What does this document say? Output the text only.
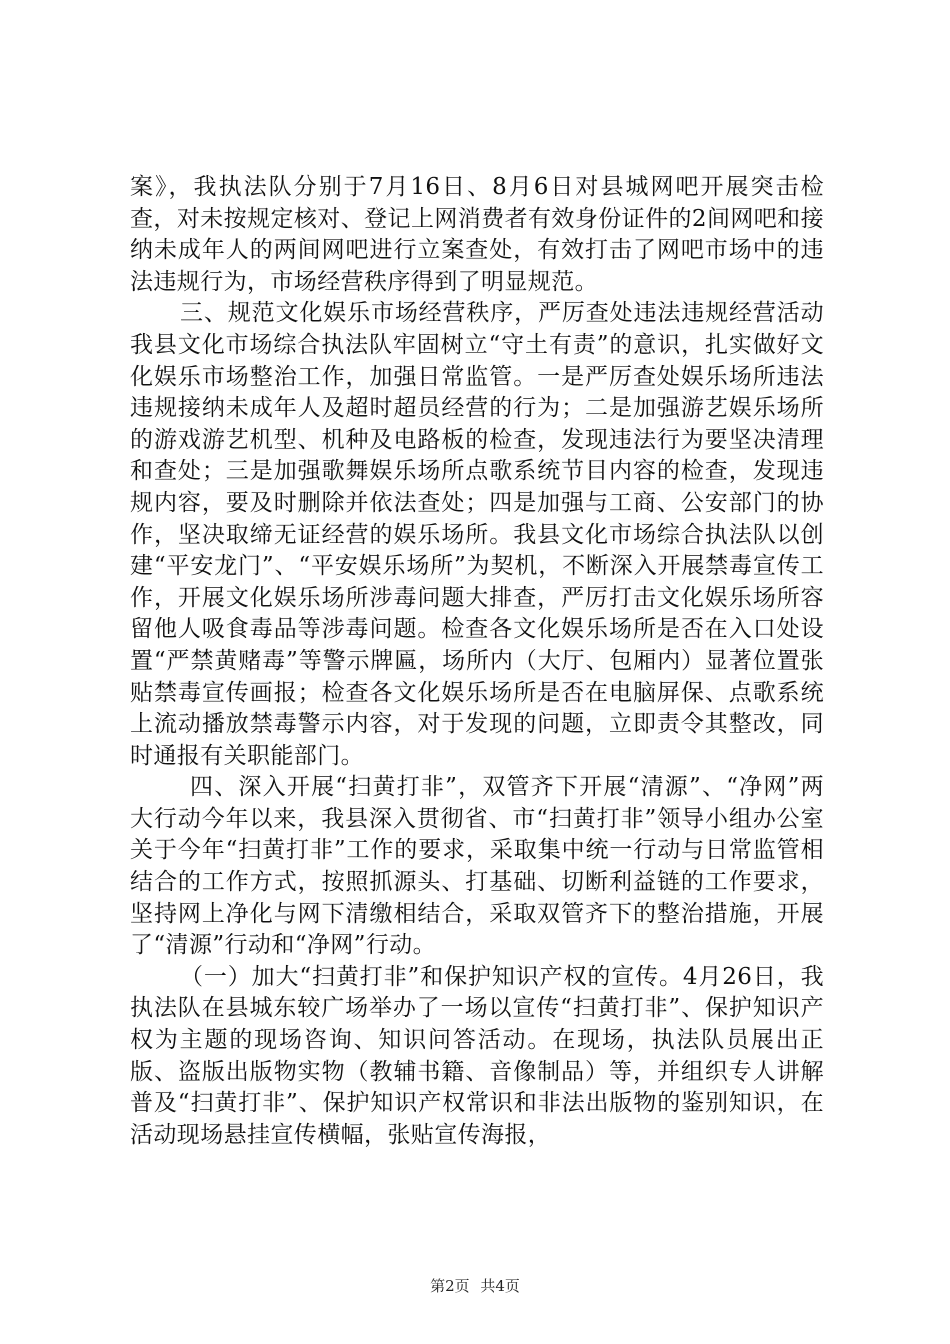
案》，我执法队分别于7月16日、8月6日对县城网吧开展突击检查，对未按规定核对、登记上网消费者有效身份证件的2间网吧和接纳未成年人的两间网吧进行立案查处，有效打击了网吧市场中的违法违规行为，市场经营秩序得到了明显规范。

三、规范文化娱乐市场经营秩序，严厉查处违法违规经营活动我县文化市场综合执法队牢固树立“守土有责”的意识，扎实做好文化娱乐市场整治工作，加强日常监管。一是严厉查处娱乐场所违法违规接纳未成年人及超时超员经营的行为；二是加强游艺娱乐场所的游戏游艺机型、机种及电路板的检查，发现违法行为要坚决清理和查处；三是加强歌舞娱乐场所点歌系统节目内容的检查，发现违规内容，要及时删除并依法查处；四是加强与工商、公安部门的协作，坚决取缔无证经营的娱乐场所。我县文化市场综合执法队以创建“平安龙门”、“平安娱乐场所”为契机，不断深入开展禁毒宣传工作，开展文化娱乐场所涉毒问题大排查，严厉打击文化娱乐场所容留他人吸食毒品等涉毒问题。检查各文化娱乐场所是否在入口处设置“严禁黄赌毒”等警示牌匾，场所内（大厅、包厢内）显著位置张贴禁毒宣传画报；检查各文化娱乐场所是否在电脑屏保、点歌系统上流动播放禁毒警示内容，对于发现的问题，立即责令其整改，同时通报有关职能部门。

四、深入开展“扫黄打非”，双管齐下开展“清源”、“净网”两大行动今年以来，我县深入贯彻省、市“扫黄打非”领导小组办公室关于今年“扫黄打非”工作的要求，采取集中统一行动与日常监管相结合的工作方式，按照抓源头、打基础、切断利益链的工作要求，坚持网上净化与网下清缴相结合，采取双管齐下的整治措施，开展了“清源”行动和“净网”行动。

（一）加大“扫黄打非”和保护知识产权的宣传。4月26日，我执法队在县城东较广场举办了一场以宣传“扫黄打非”、保护知识产权为主题的现场咨询、知识问答活动。在现场，执法队员展出正版、盗版出版物实物（教辅书籍、音像制品）等，并组织专人讲解普及“扫黄打非”、保护知识产权常识和非法出版物的鉴别知识，在活动现场悬挂宣传横幅，张贴宣传海报，

第2页 共4页
